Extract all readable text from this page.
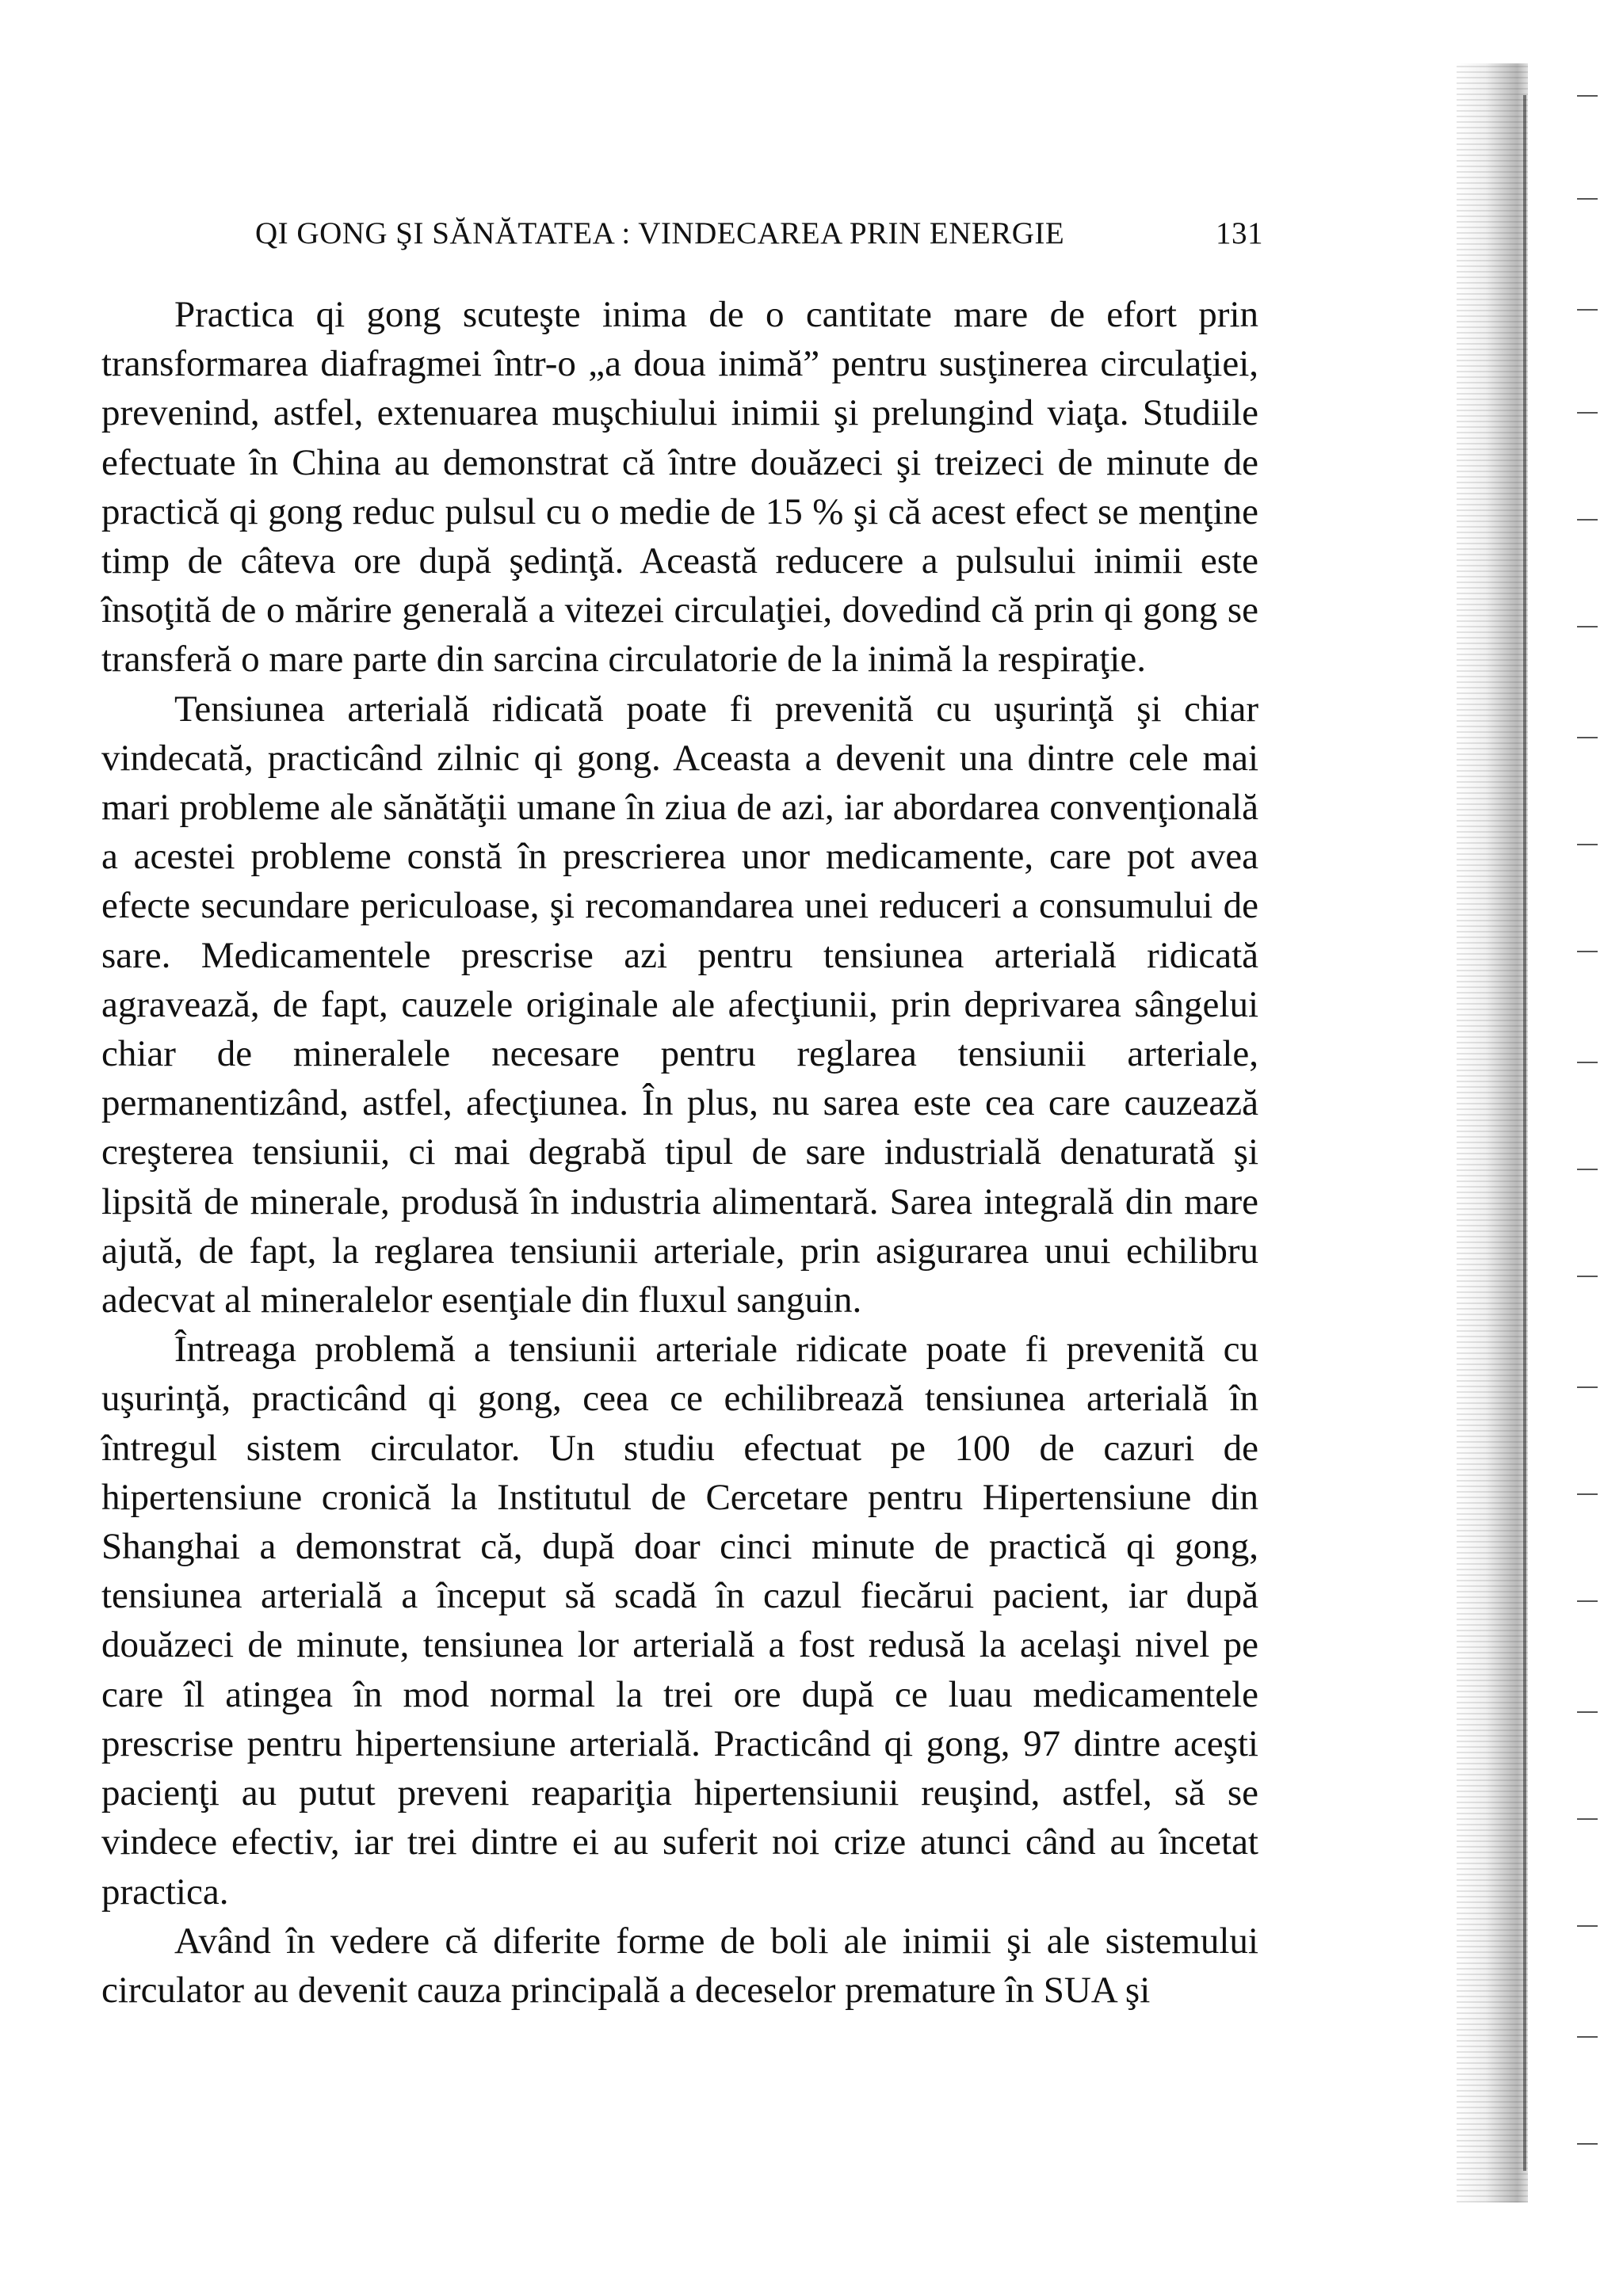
QI GONG ŞI SĂNĂTATEA : VINDECAREA PRIN ENERGIE	131

Practica qi gong scuteşte inima de o cantitate mare de efort prin transformarea diafragmei într-o „a doua inimă” pentru susţinerea circulaţiei, prevenind, astfel, extenuarea muşchiului inimii şi prelungind viaţa. Studiile efectuate în China au demonstrat că între douăzeci şi treizeci de minute de practică qi gong reduc pulsul cu o medie de 15 % şi că acest efect se menţine timp de câteva ore după şedinţă. Această reducere a pulsului inimii este însoţită de o mărire generală a vitezei circulaţiei, dovedind că prin qi gong se transferă o mare parte din sarcina circulatorie de la inimă la respiraţie.

Tensiunea arterială ridicată poate fi prevenită cu uşurinţă şi chiar vindecată, practicând zilnic qi gong. Aceasta a devenit una dintre cele mai mari probleme ale sănătăţii umane în ziua de azi, iar abordarea convenţională a acestei probleme constă în prescrierea unor medicamente, care pot avea efecte secundare periculoase, şi recomandarea unei reduceri a consumului de sare. Medicamentele prescrise azi pentru tensiunea arterială ridicată agravează, de fapt, cauzele originale ale afecţiunii, prin deprivarea sângelui chiar de mineralele necesare pentru reglarea tensiunii arteriale, permanentizând, astfel, afecţiunea. În plus, nu sarea este cea care cauzează creşterea tensiunii, ci mai degrabă tipul de sare industrială denaturată şi lipsită de minerale, produsă în industria alimentară. Sarea integrală din mare ajută, de fapt, la reglarea tensiunii arteriale, prin asigurarea unui echilibru adecvat al mineralelor esenţiale din fluxul sanguin.

Întreaga problemă a tensiunii arteriale ridicate poate fi prevenită cu uşurinţă, practicând qi gong, ceea ce echilibrează tensiunea arterială în întregul sistem circulator. Un studiu efectuat pe 100 de cazuri de hipertensiune cronică la Institutul de Cercetare pentru Hipertensiune din Shanghai a demonstrat că, după doar cinci minute de practică qi gong, tensiunea arterială a început să scadă în cazul fiecărui pacient, iar după douăzeci de minute, tensiunea lor arterială a fost redusă la acelaşi nivel pe care îl atingea în mod normal la trei ore după ce luau medicamentele prescrise pentru hipertensiune arterială. Practicând qi gong, 97 dintre aceşti pacienţi au putut preveni reapariţia hipertensiunii reuşind, astfel, să se vindece efectiv, iar trei dintre ei au suferit noi crize atunci când au încetat practica.

Având în vedere că diferite forme de boli ale inimii şi ale sistemului circulator au devenit cauza principală a deceselor premature în SUA şi
